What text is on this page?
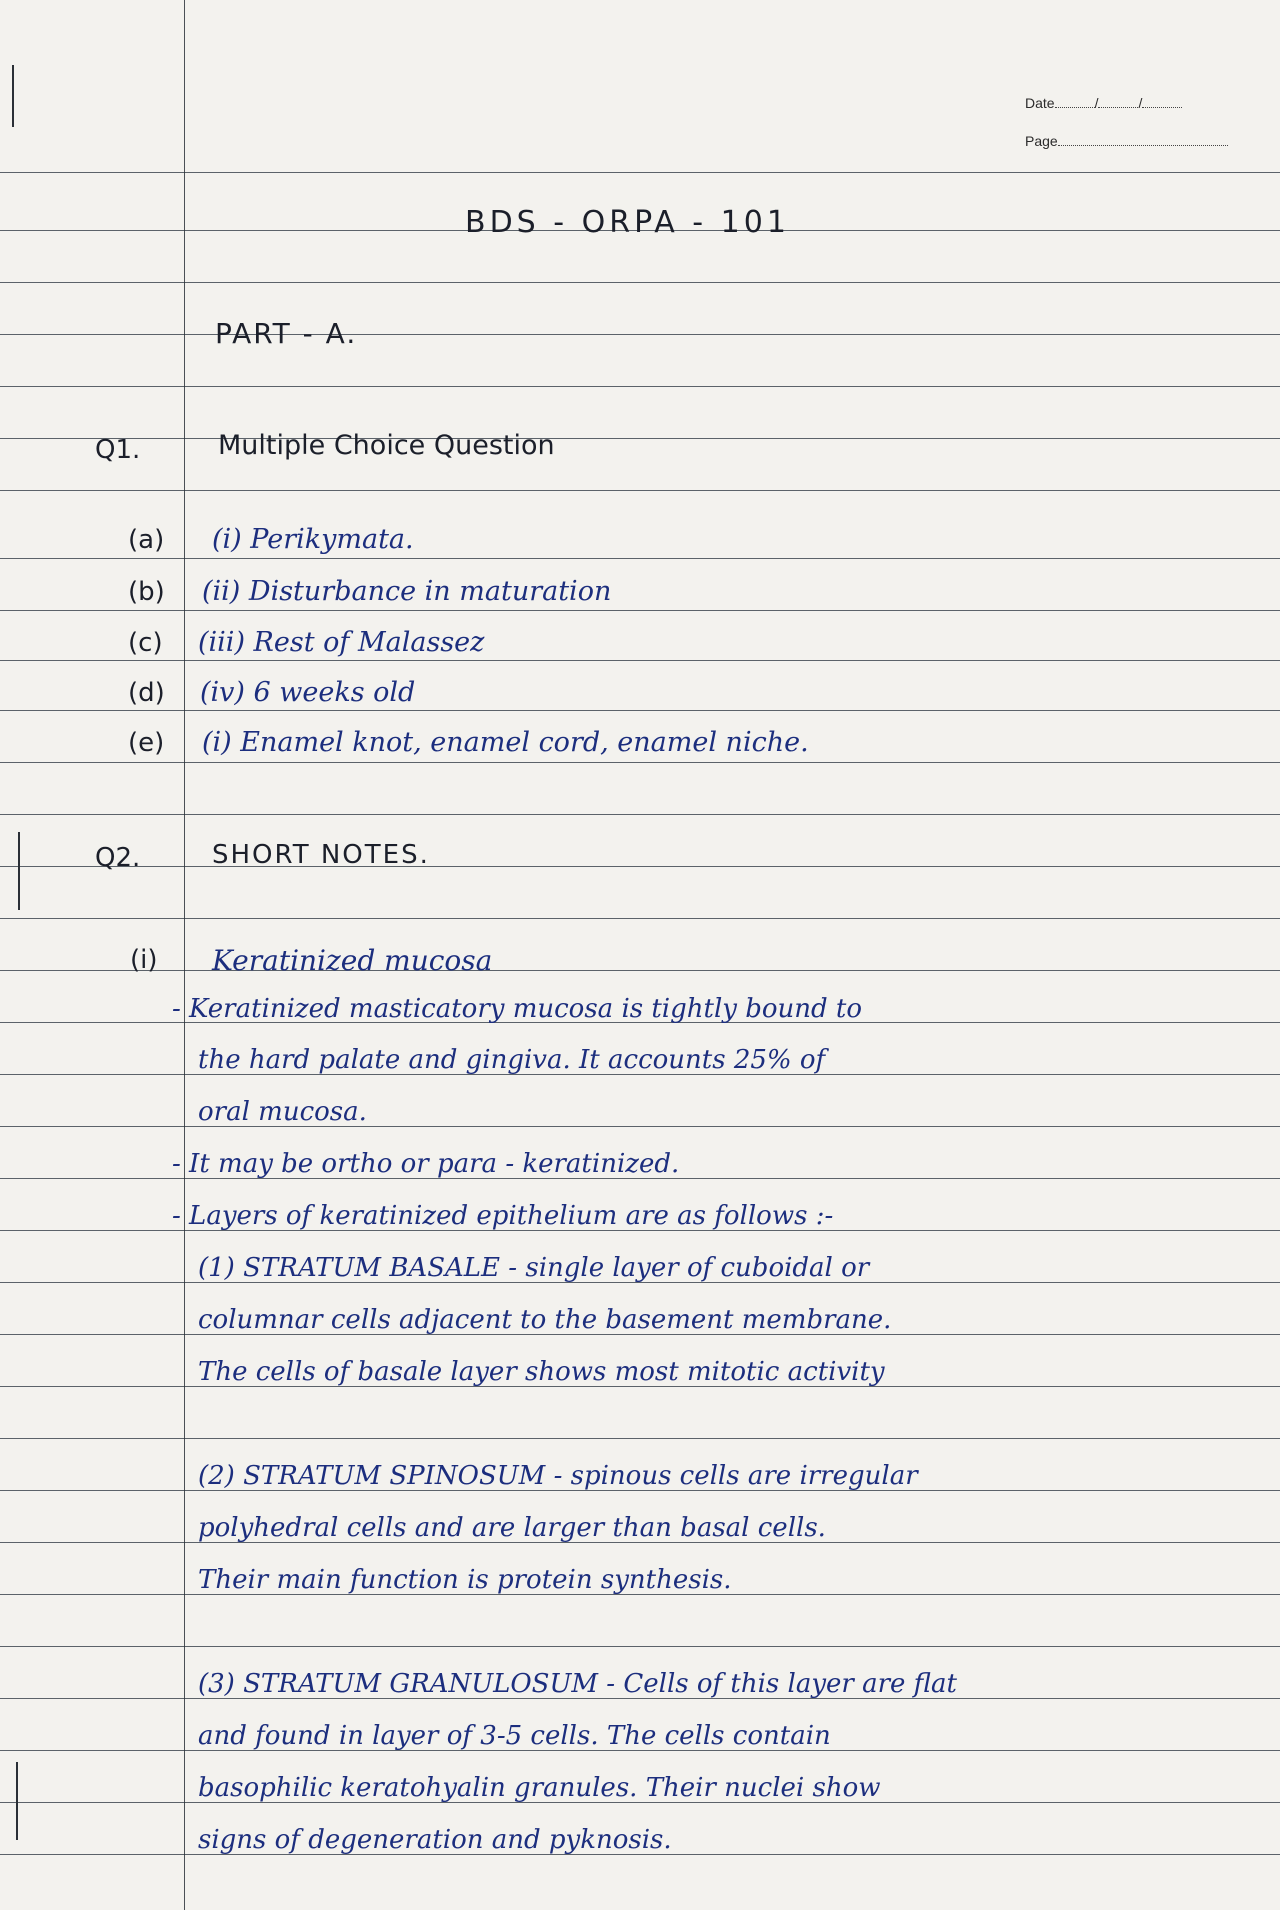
Date	/	/
Page
BDS - ORPA - 101
PART - A.
Q1.	Multiple Choice Question
(a) (i) Perikymata.
(b) (ii) Disturbance in maturation
(c) (iii) Rest of Malassez
(d) (iv) 6 weeks old
(e) (i) Enamel knot, enamel cord, enamel niche.
Q2.	SHORT NOTES.
(i) Keratinized mucosa
- Keratinized masticatory mucosa is tightly bound to
the hard palate and gingiva. It accounts 25% of
oral mucosa.
- It may be ortho or para - keratinized.
- Layers of keratinized epithelium are as follows :-
(1) STRATUM BASALE - single layer of cuboidal or
columnar cells adjacent to the basement membrane.
The cells of basale layer shows most mitotic activity
(2) STRATUM SPINOSUM - spinous cells are irregular
polyhedral cells and are larger than basal cells.
Their main function is protein synthesis.
(3) STRATUM GRANULOSUM - Cells of this layer are flat
and found in layer of 3-5 cells. The cells contain
basophilic keratohyalin granules. Their nuclei show
signs of degeneration and pyknosis.
